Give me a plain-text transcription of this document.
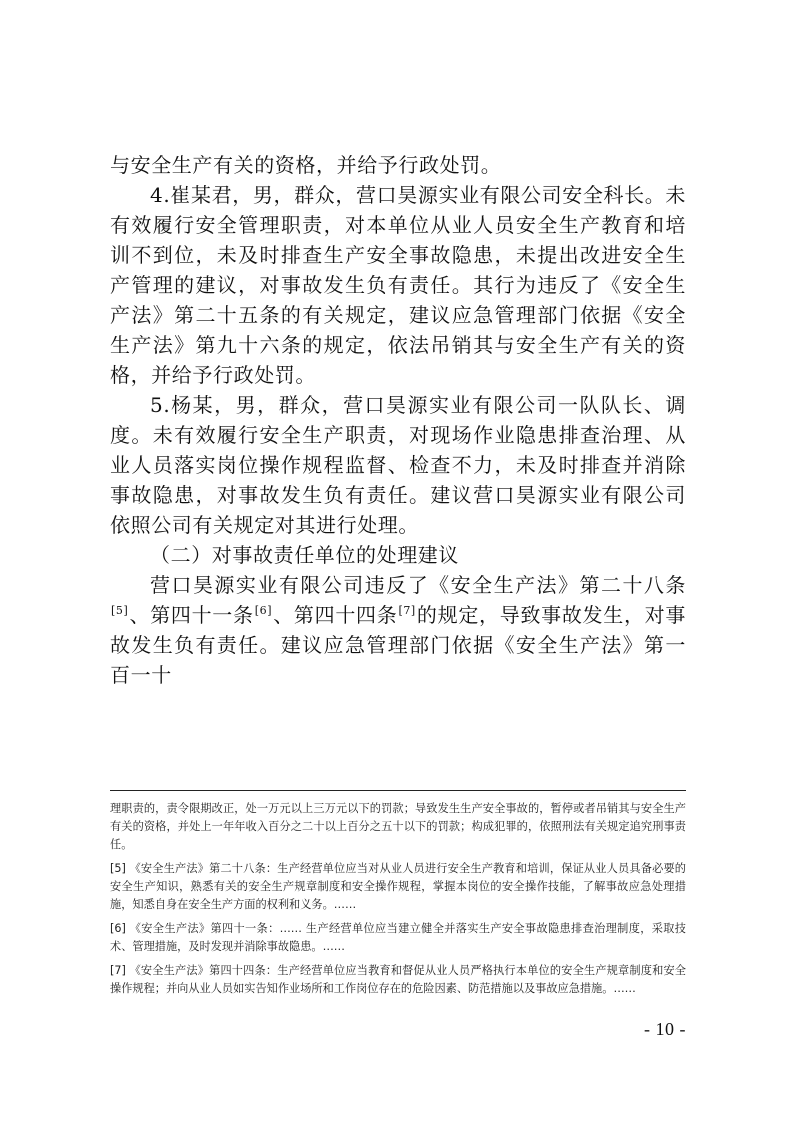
与安全生产有关的资格，并给予行政处罚。

4.崔某君，男，群众，营口昊源实业有限公司安全科长。未有效履行安全管理职责，对本单位从业人员安全生产教育和培训不到位，未及时排查生产安全事故隐患，未提出改进安全生产管理的建议，对事故发生负有责任。其行为违反了《安全生产法》第二十五条的有关规定，建议应急管理部门依据《安全生产法》第九十六条的规定，依法吊销其与安全生产有关的资格，并给予行政处罚。

5.杨某，男，群众，营口昊源实业有限公司一队队长、调度。未有效履行安全生产职责，对现场作业隐患排查治理、从业人员落实岗位操作规程监督、检查不力，未及时排查并消除事故隐患，对事故发生负有责任。建议营口昊源实业有限公司依照公司有关规定对其进行处理。

（二）对事故责任单位的处理建议

营口昊源实业有限公司违反了《安全生产法》第二十八条[5]、第四十一条[6]、第四十四条[7]的规定，导致事故发生，对事故发生负有责任。建议应急管理部门依据《安全生产法》第一百一十

理职责的，责令限期改正，处一万元以上三万元以下的罚款；导致发生生产安全事故的，暂停或者吊销其与安全生产有关的资格，并处上一年年收入百分之二十以上百分之五十以下的罚款；构成犯罪的，依照刑法有关规定追究刑事责任。

[5] 《安全生产法》第二十八条：生产经营单位应当对从业人员进行安全生产教育和培训，保证从业人员具备必要的安全生产知识，熟悉有关的安全生产规章制度和安全操作规程，掌握本岗位的安全操作技能，了解事故应急处理措施，知悉自身在安全生产方面的权利和义务。……

[6] 《安全生产法》第四十一条：…… 生产经营单位应当建立健全并落实生产安全事故隐患排查治理制度，采取技术、管理措施，及时发现并消除事故隐患。……

[7] 《安全生产法》第四十四条：生产经营单位应当教育和督促从业人员严格执行本单位的安全生产规章制度和安全操作规程；并向从业人员如实告知作业场所和工作岗位存在的危险因素、防范措施以及事故应急措施。……

- 10 -
